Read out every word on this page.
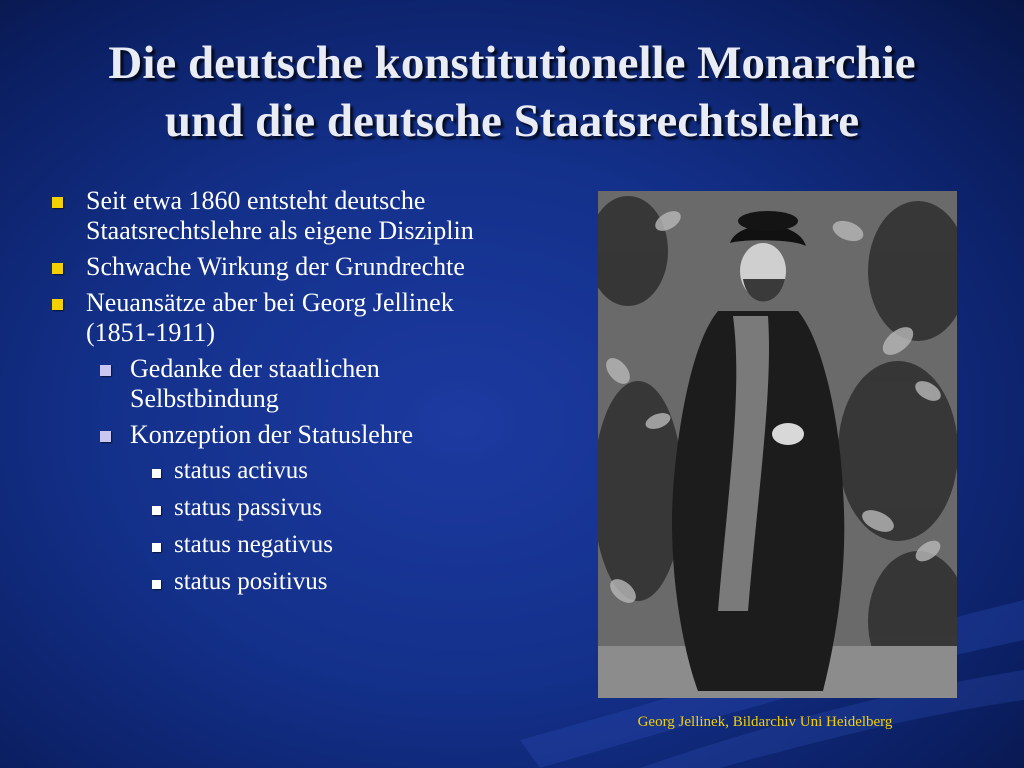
Die deutsche konstitutionelle Monarchie
und die deutsche Staatsrechtslehre
Seit etwa 1860 entsteht deutsche Staatsrechtslehre als eigene Disziplin
Schwache Wirkung der Grundrechte
Neuansätze aber bei Georg Jellinek (1851-1911)
Gedanke der staatlichen Selbstbindung
Konzeption der Statuslehre
status activus
status passivus
status negativus
status positivus

Georg Jellinek, Bildarchiv Uni Heidelberg
